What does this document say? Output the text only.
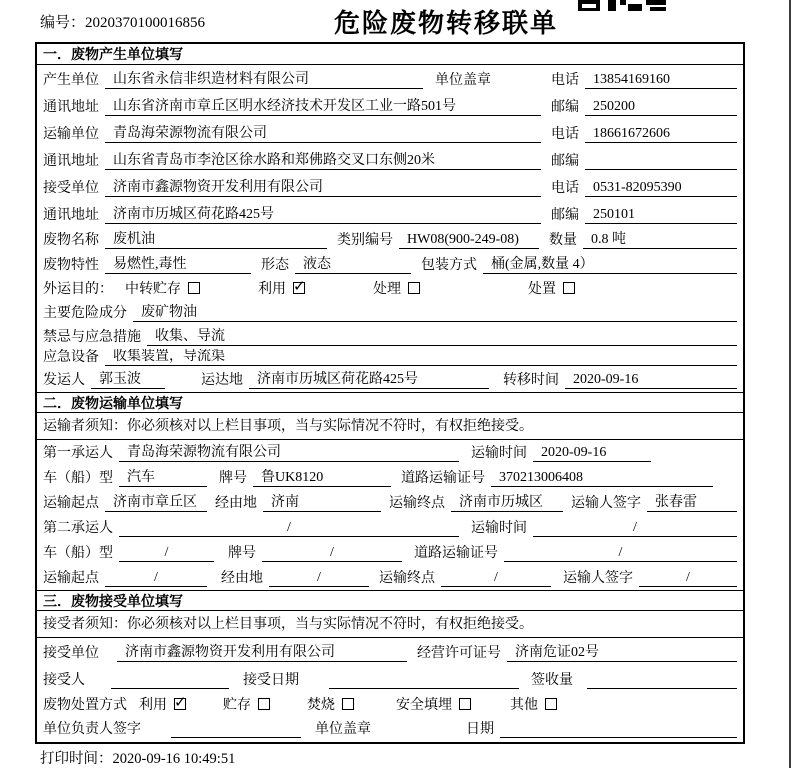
编号：2020370100016856	危险废物转移联单
一．废物产生单位填写
产生单位	山东省永信非织造材料有限公司	单位盖章	电话	13854169160
通讯地址	山东省济南市章丘区明水经济技术开发区工业一路501号	邮编	250200
运输单位	青岛海荣源物流有限公司	电话	18661672606
通讯地址	山东省青岛市李沧区徐水路和郑佛路交叉口东侧20米	邮编
接受单位	济南市鑫源物资开发利用有限公司	电话	0531-82095390
通讯地址	济南市历城区荷花路425号	邮编	250101
废物名称	废机油	类别编号	HW08(900-249-08)	数量	0.8 吨
废物特性	易燃性,毒性	形态	液态	包装方式	桶(金属,数量 4）
外运目的： 中转贮存	利用 ✓	处理	处置
主要危险成分	废矿物油
禁忌与应急措施	收集、导流
应急设备	收集装置，导流渠
发运人	郭玉波	运达地	济南市历城区荷花路425号	转移时间	2020-09-16
二．废物运输单位填写
运输者须知： 你必须核对以上栏目事项，当与实际情况不符时，有权拒绝接受。
第一承运人	青岛海荣源物流有限公司	运输时间	2020-09-16
车（船）型	汽车	牌号	鲁UK8120	道路运输证号	370213006408
运输起点	济南市章丘区	经由地	济南	运输终点	济南市历城区	运输人签字	张春雷
第二承运人	/	运输时间	/
车（船）型	/	牌号	/	道路运输证号	/
运输起点	/	经由地	/	运输终点	/	运输人签字	/
三．废物接受单位填写
接受者须知： 你必须核对以上栏目事项，当与实际情况不符时，有权拒绝接受。
接受单位	济南市鑫源物资开发利用有限公司	经营许可证号	济南危证02号
接受人	接受日期	签收量
废物处置方式 利用 ✓	贮存	焚烧	安全填埋	其他
单位负责人签字	单位盖章	日期
打印时间：2020-09-16 10:49:51
